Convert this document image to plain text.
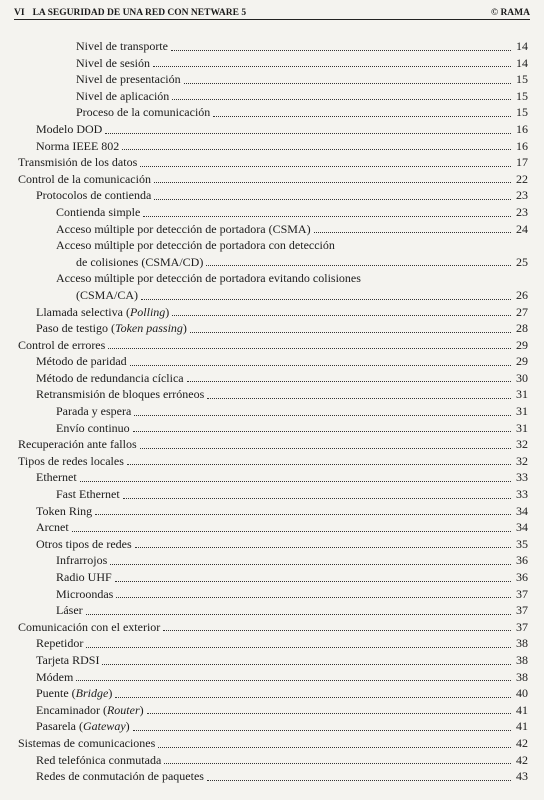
VI LA SEGURIDAD DE UNA RED CON NETWARE 5	© RAMA
Nivel de transporte	14
Nivel de sesión	14
Nivel de presentación	15
Nivel de aplicación	15
Proceso de la comunicación	15
Modelo DOD	16
Norma IEEE 802	16
Transmisión de los datos	17
Control de la comunicación	22
Protocolos de contienda	23
Contienda simple	23
Acceso múltiple por detección de portadora (CSMA)	24
Acceso múltiple por detección de portadora con detección
de colisiones (CSMA/CD)	25
Acceso múltiple por detección de portadora evitando colisiones
(CSMA/CA)	26
Llamada selectiva (Polling)	27
Paso de testigo (Token passing)	28
Control de errores	29
Método de paridad	29
Método de redundancia cíclica	30
Retransmisión de bloques erróneos	31
Parada y espera	31
Envío continuo	31
Recuperación ante fallos	32
Tipos de redes locales	32
Ethernet	33
Fast Ethernet	33
Token Ring	34
Arcnet	34
Otros tipos de redes	35
Infrarrojos	36
Radio UHF	36
Microondas	37
Láser	37
Comunicación con el exterior	37
Repetidor	38
Tarjeta RDSI	38
Módem	38
Puente (Bridge)	40
Encaminador (Router)	41
Pasarela (Gateway)	41
Sistemas de comunicaciones	42
Red telefónica conmutada	42
Redes de conmutación de paquetes	43
